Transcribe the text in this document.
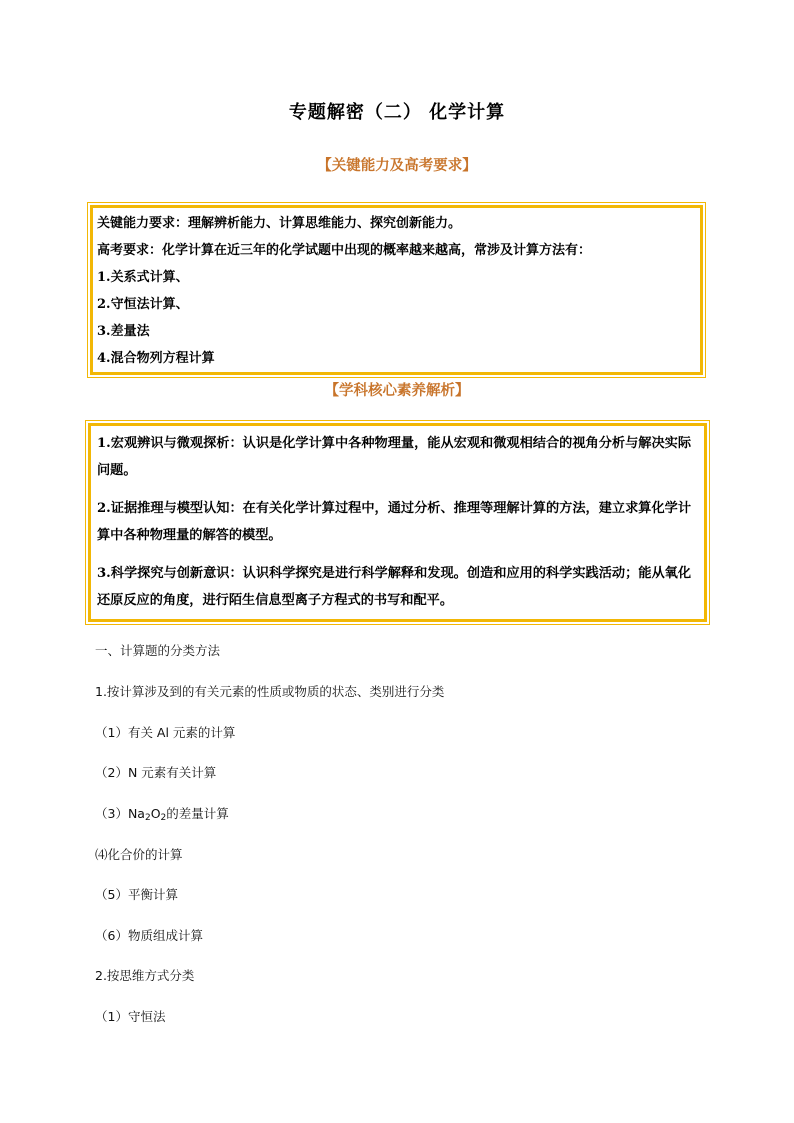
专题解密（二） 化学计算
【关键能力及高考要求】
关键能力要求：理解辨析能力、计算思维能力、探究创新能力。
高考要求：化学计算在近三年的化学试题中出现的概率越来越高，常涉及计算方法有：
1.关系式计算、
2.守恒法计算、
3.差量法
4.混合物列方程计算
【学科核心素养解析】

1.宏观辨识与微观探析：认识是化学计算中各种物理量，能从宏观和微观相结合的视角分析与解决实际问题。

2.证据推理与模型认知：在有关化学计算过程中，通过分析、推理等理解计算的方法，建立求算化学计算中各种物理量的解答的模型。

3.科学探究与创新意识：认识科学探究是进行科学解释和发现。创造和应用的科学实践活动；能从氧化还原反应的角度，进行陌生信息型离子方程式的书写和配平。

一、计算题的分类方法
1.按计算涉及到的有关元素的性质或物质的状态、类别进行分类
（1）有关 Al 元素的计算
（2）N 元素有关计算
$(3)Na_2O_2$的差量计算
⑷化合价的计算
（5）平衡计算
（6）物质组成计算
2.按思维方式分类
（1）守恒法
